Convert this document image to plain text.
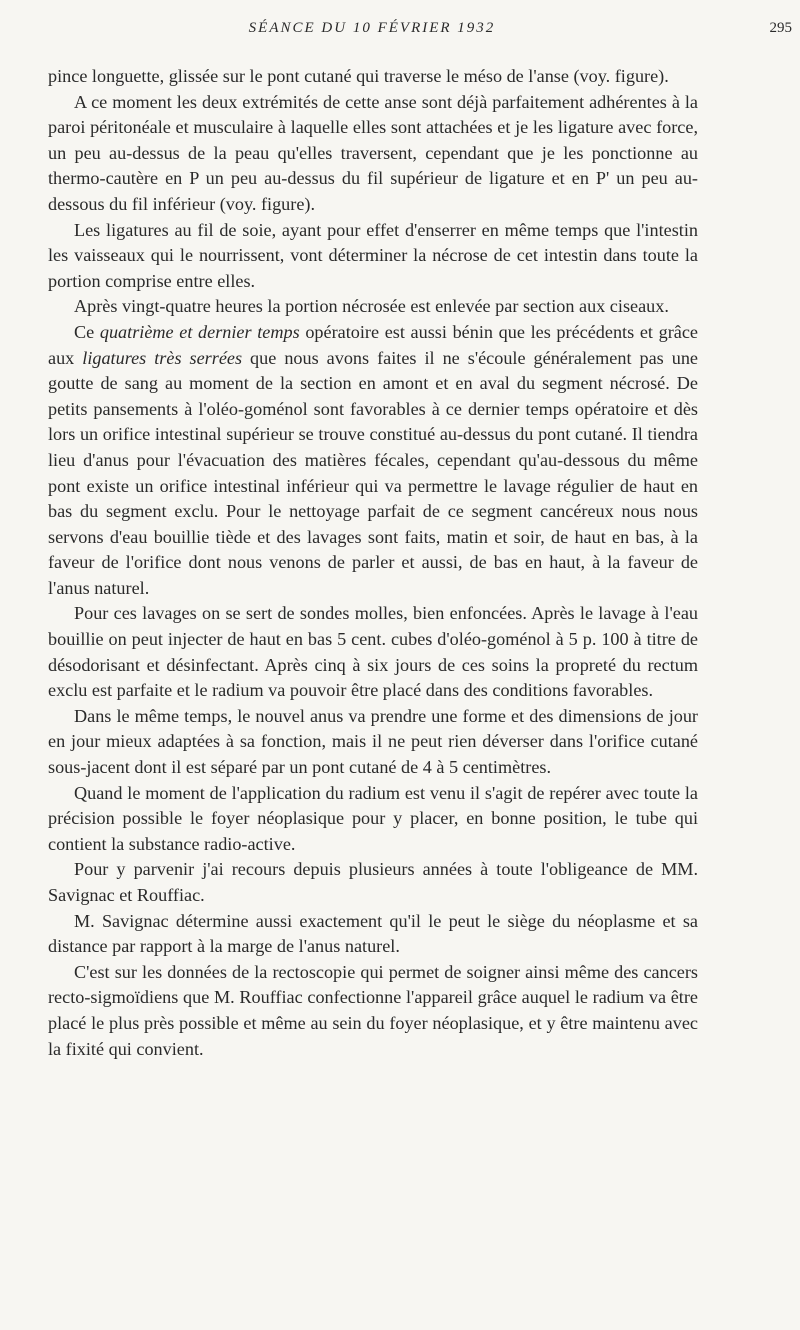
SÉANCE DU 10 FÉVRIER 1932	295

pince longuette, glissée sur le pont cutané qui traverse le méso de l'anse (voy. figure).

A ce moment les deux extrémités de cette anse sont déjà parfaitement adhérentes à la paroi péritonéale et musculaire à laquelle elles sont attachées et je les ligature avec force, un peu au-dessus de la peau qu'elles traversent, cependant que je les ponctionne au thermo-cautère en P un peu au-dessus du fil supérieur de ligature et en P' un peu au-dessous du fil inférieur (voy. figure).

Les ligatures au fil de soie, ayant pour effet d'enserrer en même temps que l'intestin les vaisseaux qui le nourrissent, vont déterminer la nécrose de cet intestin dans toute la portion comprise entre elles.

Après vingt-quatre heures la portion nécrosée est enlevée par section aux ciseaux.

Ce quatrième et dernier temps opératoire est aussi bénin que les précédents et grâce aux ligatures très serrées que nous avons faites il ne s'écoule généralement pas une goutte de sang au moment de la section en amont et en aval du segment nécrosé. De petits pansements à l'oléo-goménol sont favorables à ce dernier temps opératoire et dès lors un orifice intestinal supérieur se trouve constitué au-dessus du pont cutané. Il tiendra lieu d'anus pour l'évacuation des matières fécales, cependant qu'au-dessous du même pont existe un orifice intestinal inférieur qui va permettre le lavage régulier de haut en bas du segment exclu. Pour le nettoyage parfait de ce segment cancéreux nous nous servons d'eau bouillie tiède et des lavages sont faits, matin et soir, de haut en bas, à la faveur de l'orifice dont nous venons de parler et aussi, de bas en haut, à la faveur de l'anus naturel.

Pour ces lavages on se sert de sondes molles, bien enfoncées. Après le lavage à l'eau bouillie on peut injecter de haut en bas 5 cent. cubes d'oléo-goménol à 5 p. 100 à titre de désodorisant et désinfectant. Après cinq à six jours de ces soins la propreté du rectum exclu est parfaite et le radium va pouvoir être placé dans des conditions favorables.

Dans le même temps, le nouvel anus va prendre une forme et des dimensions de jour en jour mieux adaptées à sa fonction, mais il ne peut rien déverser dans l'orifice cutané sous-jacent dont il est séparé par un pont cutané de 4 à 5 centimètres.

Quand le moment de l'application du radium est venu il s'agit de repérer avec toute la précision possible le foyer néoplasique pour y placer, en bonne position, le tube qui contient la substance radio-active.

Pour y parvenir j'ai recours depuis plusieurs années à toute l'obligeance de MM. Savignac et Rouffiac.

M. Savignac détermine aussi exactement qu'il le peut le siège du néoplasme et sa distance par rapport à la marge de l'anus naturel.

C'est sur les données de la rectoscopie qui permet de soigner ainsi même des cancers recto-sigmoïdiens que M. Rouffiac confectionne l'appareil grâce auquel le radium va être placé le plus près possible et même au sein du foyer néoplasique, et y être maintenu avec la fixité qui convient.
